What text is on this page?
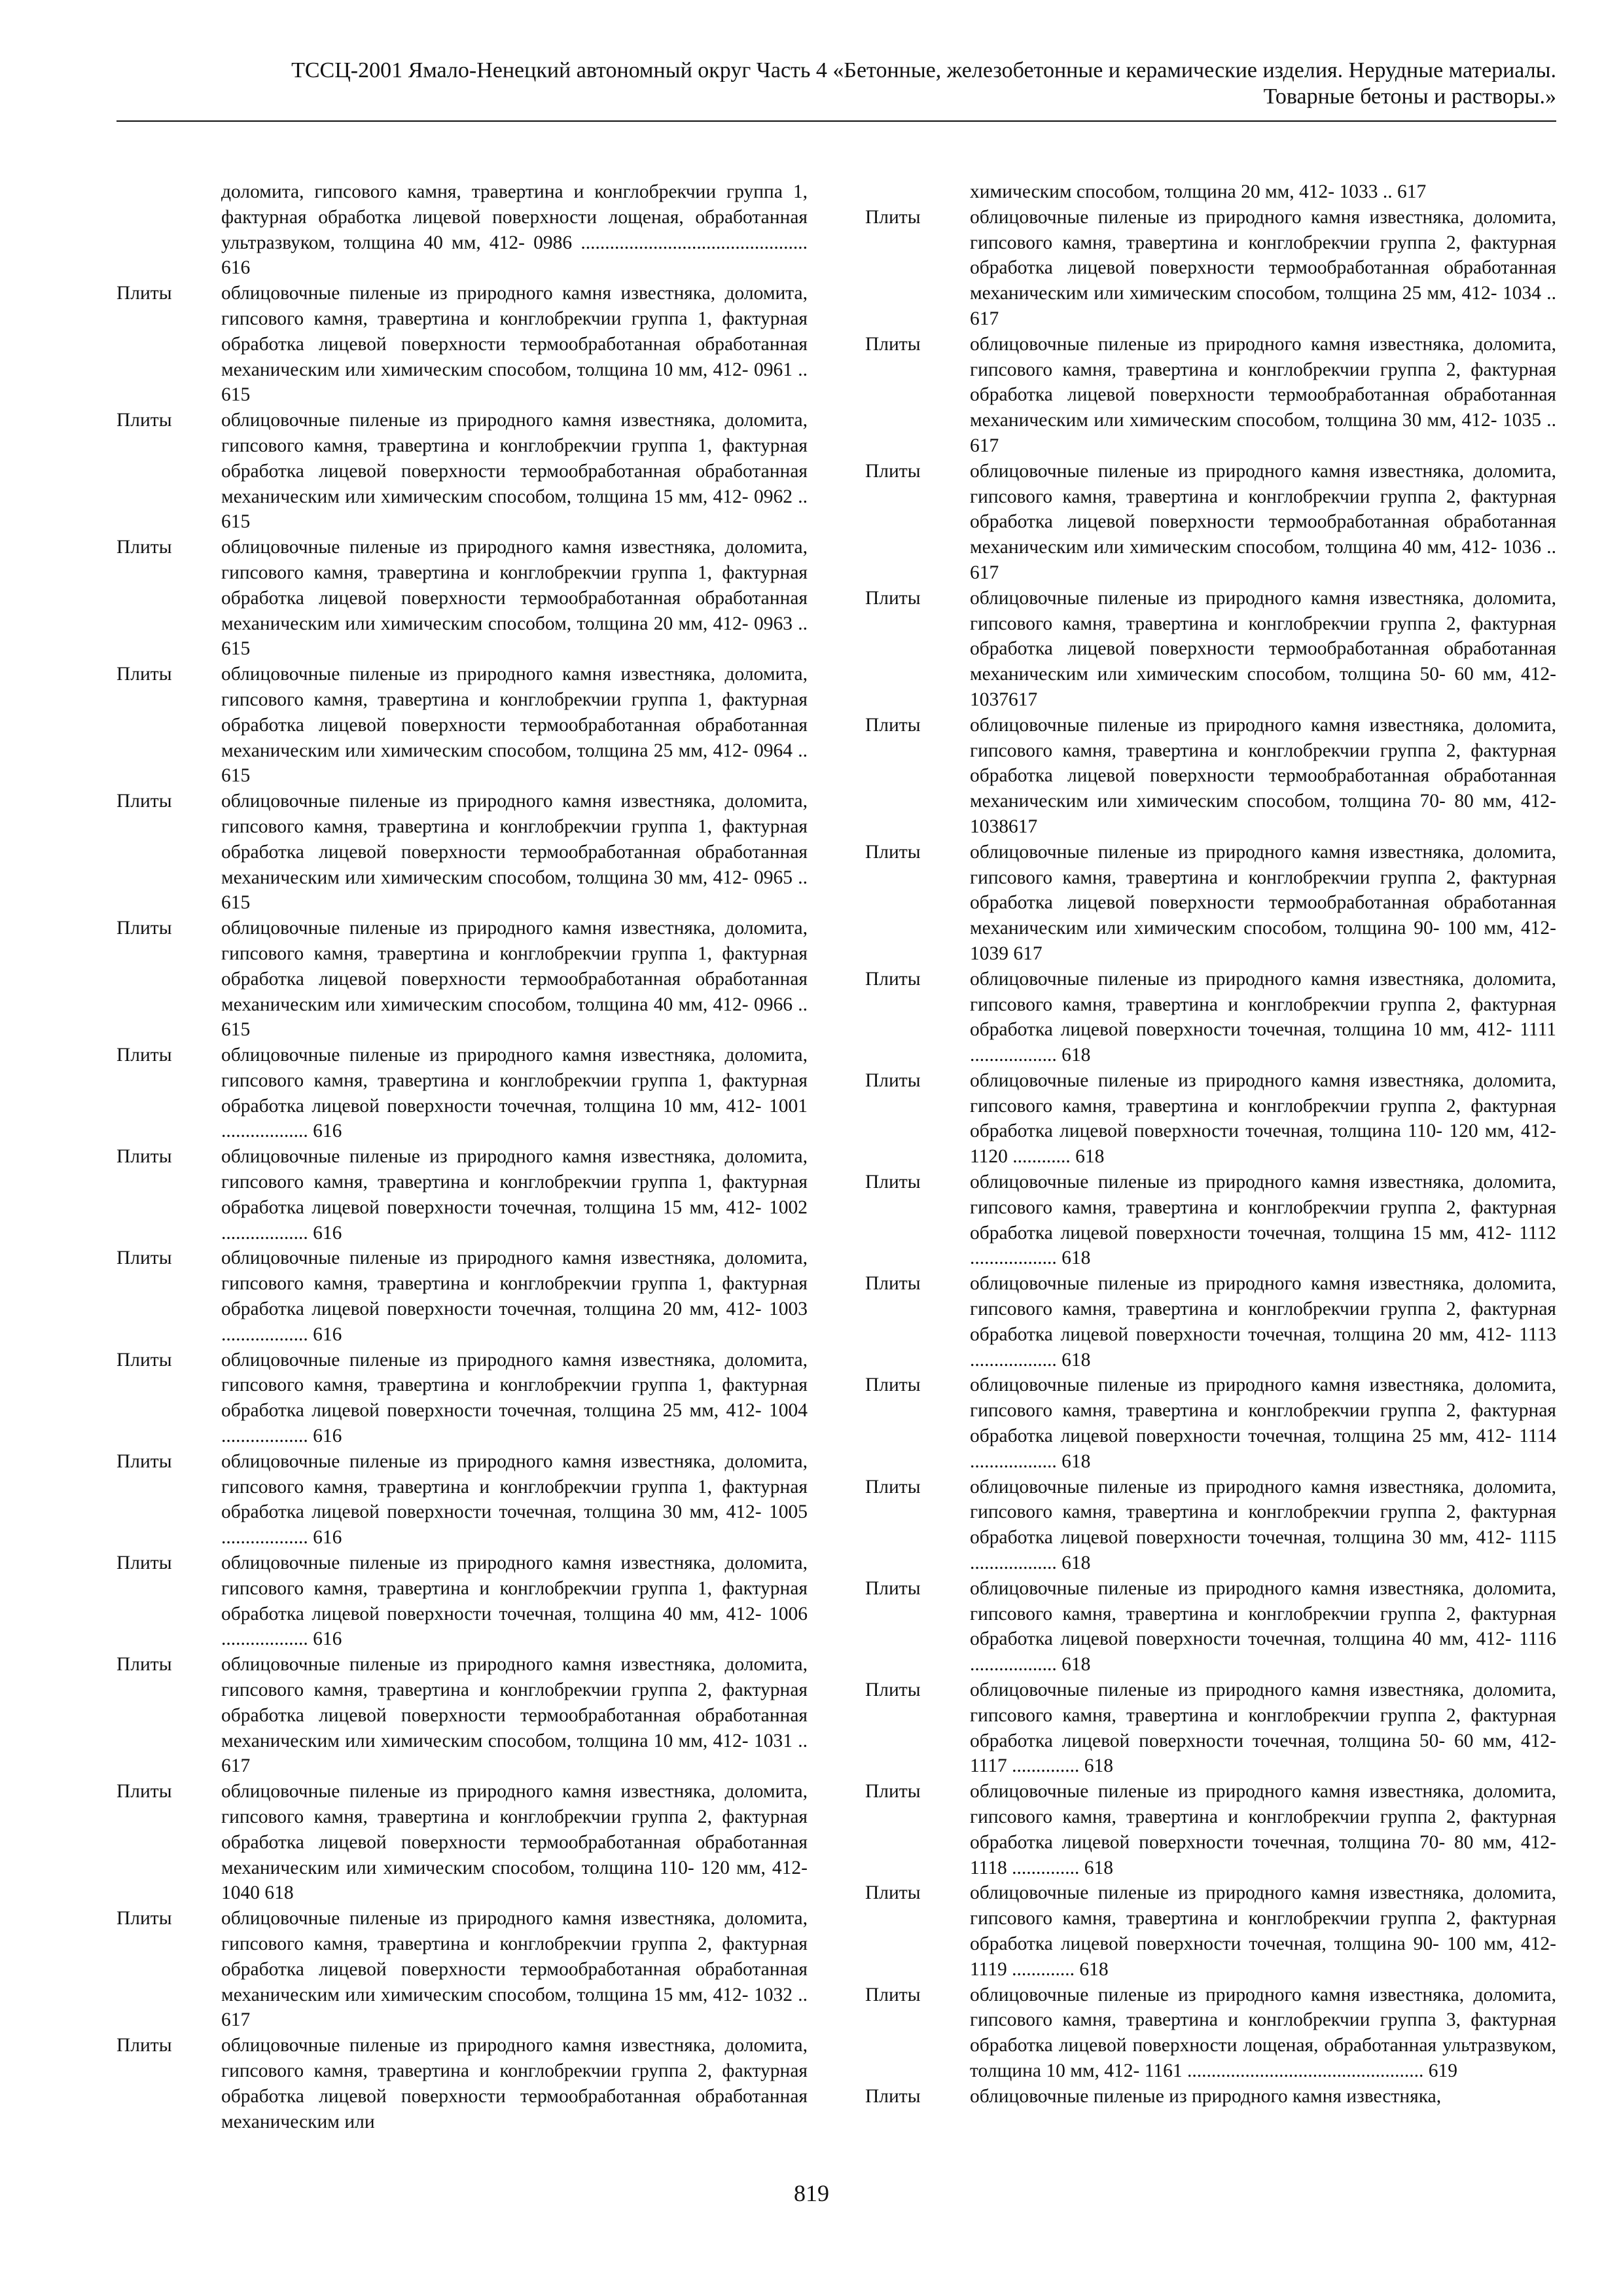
ТССЦ-2001 Ямало-Ненецкий автономный округ Часть 4 «Бетонные, железобетонные и керамические изделия. Нерудные материалы.
Товарные бетоны и растворы.»
доломита, гипсового камня, травертина и конглобрекчии группа 1, фактурная обработка лицевой поверхности лощеная, обработанная ультразвуком, толщина 40 мм, 412- 0986 ............................................... 616
Плиты	облицовочные пиленые из природного камня известняка, доломита, гипсового камня, травертина и конглобрекчии группа 1, фактурная обработка лицевой поверхности термообработанная обработанная механическим или химическим способом, толщина 10 мм, 412- 0961 .. 615
Плиты	облицовочные пиленые из природного камня известняка, доломита, гипсового камня, травертина и конглобрекчии группа 1, фактурная обработка лицевой поверхности термообработанная обработанная механическим или химическим способом, толщина 15 мм, 412- 0962 .. 615
Плиты	облицовочные пиленые из природного камня известняка, доломита, гипсового камня, травертина и конглобрекчии группа 1, фактурная обработка лицевой поверхности термообработанная обработанная механическим или химическим способом, толщина 20 мм, 412- 0963 .. 615
Плиты	облицовочные пиленые из природного камня известняка, доломита, гипсового камня, травертина и конглобрекчии группа 1, фактурная обработка лицевой поверхности термообработанная обработанная механическим или химическим способом, толщина 25 мм, 412- 0964 .. 615
Плиты	облицовочные пиленые из природного камня известняка, доломита, гипсового камня, травертина и конглобрекчии группа 1, фактурная обработка лицевой поверхности термообработанная обработанная механическим или химическим способом, толщина 30 мм, 412- 0965 .. 615
Плиты	облицовочные пиленые из природного камня известняка, доломита, гипсового камня, травертина и конглобрекчии группа 1, фактурная обработка лицевой поверхности термообработанная обработанная механическим или химическим способом, толщина 40 мм, 412- 0966 .. 615
Плиты	облицовочные пиленые из природного камня известняка, доломита, гипсового камня, травертина и конглобрекчии группа 1, фактурная обработка лицевой поверхности точечная, толщина 10 мм, 412- 1001 .................. 616
Плиты	облицовочные пиленые из природного камня известняка, доломита, гипсового камня, травертина и конглобрекчии группа 1, фактурная обработка лицевой поверхности точечная, толщина 15 мм, 412- 1002 .................. 616
Плиты	облицовочные пиленые из природного камня известняка, доломита, гипсового камня, травертина и конглобрекчии группа 1, фактурная обработка лицевой поверхности точечная, толщина 20 мм, 412- 1003 .................. 616
Плиты	облицовочные пиленые из природного камня известняка, доломита, гипсового камня, травертина и конглобрекчии группа 1, фактурная обработка лицевой поверхности точечная, толщина 25 мм, 412- 1004 .................. 616
Плиты	облицовочные пиленые из природного камня известняка, доломита, гипсового камня, травертина и конглобрекчии группа 1, фактурная обработка лицевой поверхности точечная, толщина 30 мм, 412- 1005 .................. 616
Плиты	облицовочные пиленые из природного камня известняка, доломита, гипсового камня, травертина и конглобрекчии группа 1, фактурная обработка лицевой поверхности точечная, толщина 40 мм, 412- 1006 .................. 616
Плиты	облицовочные пиленые из природного камня известняка, доломита, гипсового камня, травертина и конглобрекчии группа 2, фактурная обработка лицевой поверхности термообработанная обработанная механическим или химическим способом, толщина 10 мм, 412- 1031 .. 617
Плиты	облицовочные пиленые из природного камня известняка, доломита, гипсового камня, травертина и конглобрекчии группа 2, фактурная обработка лицевой поверхности термообработанная обработанная механическим или химическим способом, толщина 110- 120 мм, 412- 1040 618
Плиты	облицовочные пиленые из природного камня известняка, доломита, гипсового камня, травертина и конглобрекчии группа 2, фактурная обработка лицевой поверхности термообработанная обработанная механическим или химическим способом, толщина 15 мм, 412- 1032 .. 617
Плиты	облицовочные пиленые из природного камня известняка, доломита, гипсового камня, травертина и конглобрекчии группа 2, фактурная обработка лицевой поверхности термообработанная обработанная механическим или
химическим способом, толщина 20 мм, 412- 1033 .. 617
Плиты	облицовочные пиленые из природного камня известняка, доломита, гипсового камня, травертина и конглобрекчии группа 2, фактурная обработка лицевой поверхности термообработанная обработанная механическим или химическим способом, толщина 25 мм, 412- 1034 .. 617
Плиты	облицовочные пиленые из природного камня известняка, доломита, гипсового камня, травертина и конглобрекчии группа 2, фактурная обработка лицевой поверхности термообработанная обработанная механическим или химическим способом, толщина 30 мм, 412- 1035 .. 617
Плиты	облицовочные пиленые из природного камня известняка, доломита, гипсового камня, травертина и конглобрекчии группа 2, фактурная обработка лицевой поверхности термообработанная обработанная механическим или химическим способом, толщина 40 мм, 412- 1036 .. 617
Плиты	облицовочные пиленые из природного камня известняка, доломита, гипсового камня, травертина и конглобрекчии группа 2, фактурная обработка лицевой поверхности термообработанная обработанная механическим или химическим способом, толщина 50- 60 мм, 412- 1037617
Плиты	облицовочные пиленые из природного камня известняка, доломита, гипсового камня, травертина и конглобрекчии группа 2, фактурная обработка лицевой поверхности термообработанная обработанная механическим или химическим способом, толщина 70- 80 мм, 412- 1038617
Плиты	облицовочные пиленые из природного камня известняка, доломита, гипсового камня, травертина и конглобрекчии группа 2, фактурная обработка лицевой поверхности термообработанная обработанная механическим или химическим способом, толщина 90- 100 мм, 412- 1039 617
Плиты	облицовочные пиленые из природного камня известняка, доломита, гипсового камня, травертина и конглобрекчии группа 2, фактурная обработка лицевой поверхности точечная, толщина 10 мм, 412- 1111 .................. 618
Плиты	облицовочные пиленые из природного камня известняка, доломита, гипсового камня, травертина и конглобрекчии группа 2, фактурная обработка лицевой поверхности точечная, толщина 110- 120 мм, 412- 1120 ............ 618
Плиты	облицовочные пиленые из природного камня известняка, доломита, гипсового камня, травертина и конглобрекчии группа 2, фактурная обработка лицевой поверхности точечная, толщина 15 мм, 412- 1112 .................. 618
Плиты	облицовочные пиленые из природного камня известняка, доломита, гипсового камня, травертина и конглобрекчии группа 2, фактурная обработка лицевой поверхности точечная, толщина 20 мм, 412- 1113 .................. 618
Плиты	облицовочные пиленые из природного камня известняка, доломита, гипсового камня, травертина и конглобрекчии группа 2, фактурная обработка лицевой поверхности точечная, толщина 25 мм, 412- 1114 .................. 618
Плиты	облицовочные пиленые из природного камня известняка, доломита, гипсового камня, травертина и конглобрекчии группа 2, фактурная обработка лицевой поверхности точечная, толщина 30 мм, 412- 1115 .................. 618
Плиты	облицовочные пиленые из природного камня известняка, доломита, гипсового камня, травертина и конглобрекчии группа 2, фактурная обработка лицевой поверхности точечная, толщина 40 мм, 412- 1116 .................. 618
Плиты	облицовочные пиленые из природного камня известняка, доломита, гипсового камня, травертина и конглобрекчии группа 2, фактурная обработка лицевой поверхности точечная, толщина 50- 60 мм, 412- 1117 .............. 618
Плиты	облицовочные пиленые из природного камня известняка, доломита, гипсового камня, травертина и конглобрекчии группа 2, фактурная обработка лицевой поверхности точечная, толщина 70- 80 мм, 412- 1118 .............. 618
Плиты	облицовочные пиленые из природного камня известняка, доломита, гипсового камня, травертина и конглобрекчии группа 2, фактурная обработка лицевой поверхности точечная, толщина 90- 100 мм, 412- 1119 ............. 618
Плиты	облицовочные пиленые из природного камня известняка, доломита, гипсового камня, травертина и конглобрекчии группа 3, фактурная обработка лицевой поверхности лощеная, обработанная ультразвуком, толщина 10 мм, 412- 1161 ................................................. 619
Плиты	облицовочные пиленые из природного камня известняка,
819
